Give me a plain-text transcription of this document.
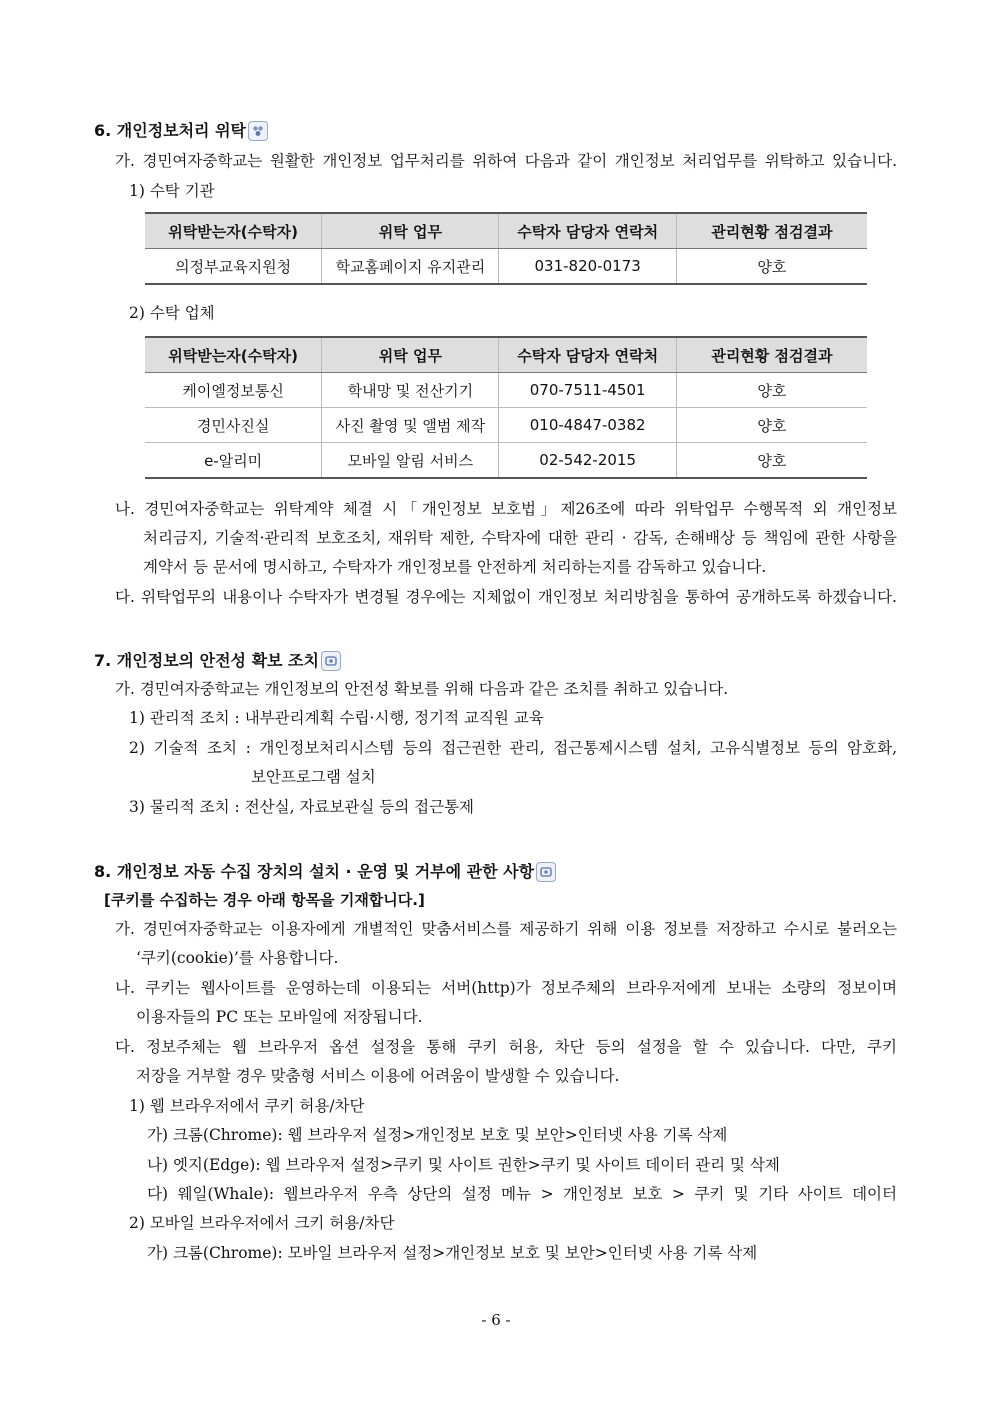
6. 개인정보처리 위탁
가. 경민여자중학교는 원활한 개인정보 업무처리를 위하여 다음과 같이 개인정보 처리업무를 위탁하고 있습니다.
1) 수탁 기관
위탁받는자(수탁자)	위탁 업무	수탁자 담당자 연락처	관리현황 점검결과
의정부교육지원청	학교홈페이지 유지관리	031-820-0173	양호
2) 수탁 업체
위탁받는자(수탁자)	위탁 업무	수탁자 담당자 연락처	관리현황 점검결과
케이엘정보통신	학내망 및 전산기기	070-7511-4501	양호
경민사진실	사진 촬영 및 앨범 제작	010-4847-0382	양호
e-알리미	모바일 알림 서비스	02-542-2015	양호
나. 경민여자중학교는 위탁계약 체결 시「개인정보 보호법」제26조에 따라 위탁업무 수행목적 외 개인정보
처리금지, 기술적·관리적 보호조치, 재위탁 제한, 수탁자에 대한 관리 · 감독, 손해배상 등 책임에 관한 사항을
계약서 등 문서에 명시하고, 수탁자가 개인정보를 안전하게 처리하는지를 감독하고 있습니다.
다. 위탁업무의 내용이나 수탁자가 변경될 경우에는 지체없이 개인정보 처리방침을 통하여 공개하도록 하겠습니다.
7. 개인정보의 안전성 확보 조치
가. 경민여자중학교는 개인정보의 안전성 확보를 위해 다음과 같은 조치를 취하고 있습니다.
1) 관리적 조치 : 내부관리계획 수립·시행, 정기적 교직원 교육
2) 기술적 조치 : 개인정보처리시스템 등의 접근권한 관리, 접근통제시스템 설치, 고유식별정보 등의 암호화,
보안프로그램 설치
3) 물리적 조치 : 전산실, 자료보관실 등의 접근통제
8. 개인정보 자동 수집 장치의 설치 · 운영 및 거부에 관한 사항
[쿠키를 수집하는 경우 아래 항목을 기재합니다.]
가. 경민여자중학교는 이용자에게 개별적인 맞춤서비스를 제공하기 위해 이용 정보를 저장하고 수시로 불러오는
‘쿠키(cookie)’를 사용합니다.
나. 쿠키는 웹사이트를 운영하는데 이용되는 서버(http)가 정보주체의 브라우저에게 보내는 소량의 정보이며
이용자들의 PC 또는 모바일에 저장됩니다.
다. 정보주체는 웹 브라우저 옵션 설정을 통해 쿠키 허용, 차단 등의 설정을 할 수 있습니다. 다만, 쿠키
저장을 거부할 경우 맞춤형 서비스 이용에 어려움이 발생할 수 있습니다.
1) 웹 브라우저에서 쿠키 허용/차단
가) 크롬(Chrome): 웹 브라우저 설정>개인정보 보호 및 보안>인터넷 사용 기록 삭제
나) 엣지(Edge): 웹 브라우저 설정>쿠키 및 사이트 권한>쿠키 및 사이트 데이터 관리 및 삭제
다) 웨일(Whale): 웹브라우저 우측 상단의 설정 메뉴 > 개인정보 보호 > 쿠키 및 기타 사이트 데이터
2) 모바일 브라우저에서 크키 허용/차단
가) 크롬(Chrome): 모바일 브라우저 설정>개인정보 보호 및 보안>인터넷 사용 기록 삭제
- 6 -
